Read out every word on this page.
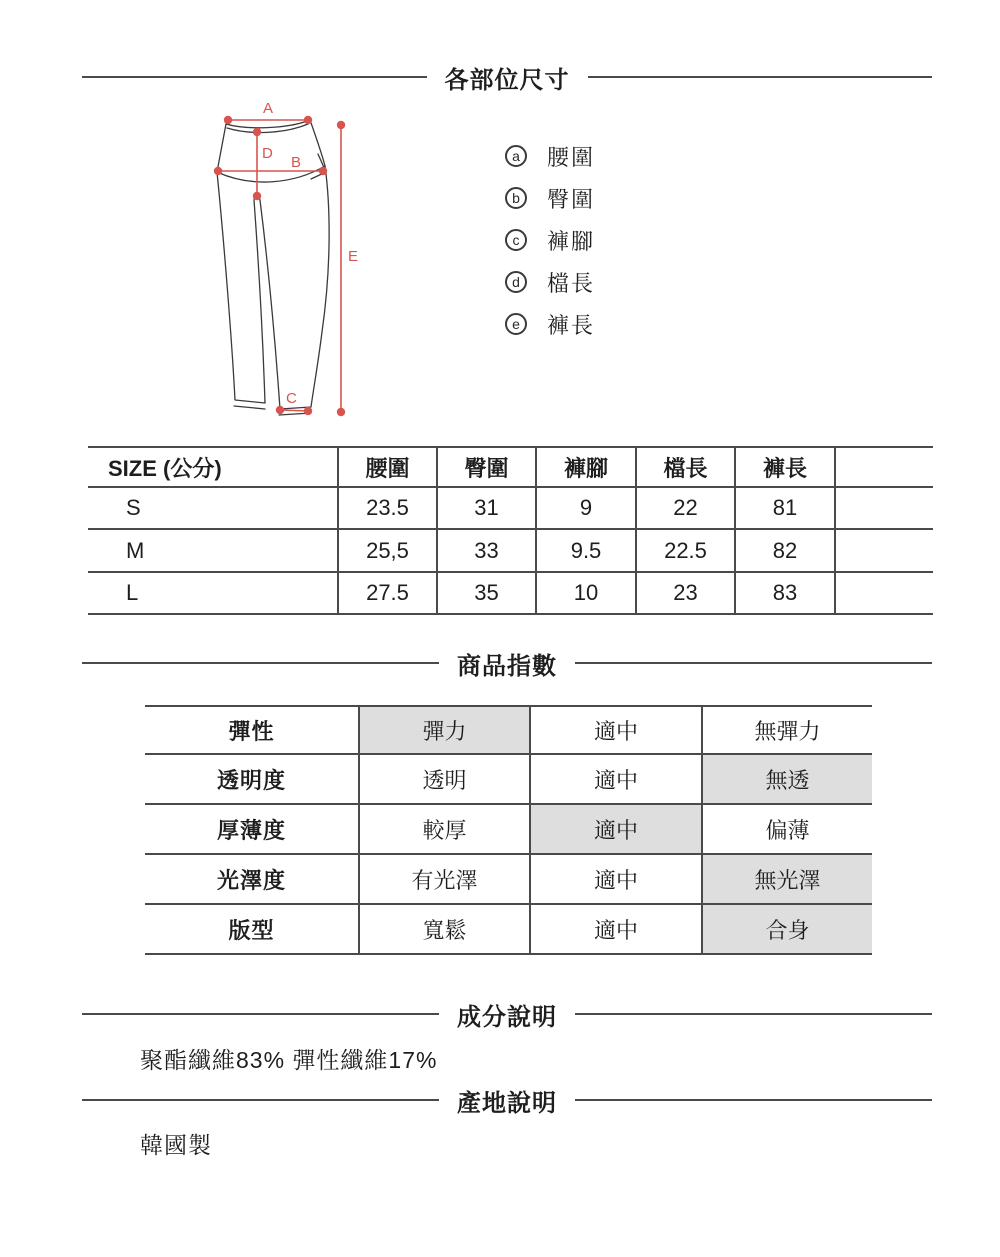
各部位尺寸
A
D
B
E
C
a	腰圍
b	臀圍
c	褲腳
d	檔長
e	褲長
SIZE (公分)	腰圍	臀圍	褲腳	檔長	褲長
S	23.5	31	9	22	81
M	25,5	33	9.5	22.5	82
L	27.5	35	10	23	83
商品指數
彈性	彈力	適中	無彈力
透明度	透明	適中	無透
厚薄度	較厚	適中	偏薄
光澤度	有光澤	適中	無光澤
版型	寬鬆	適中	合身
成分說明
聚酯纖維83% 彈性纖維17%
產地說明
韓國製
